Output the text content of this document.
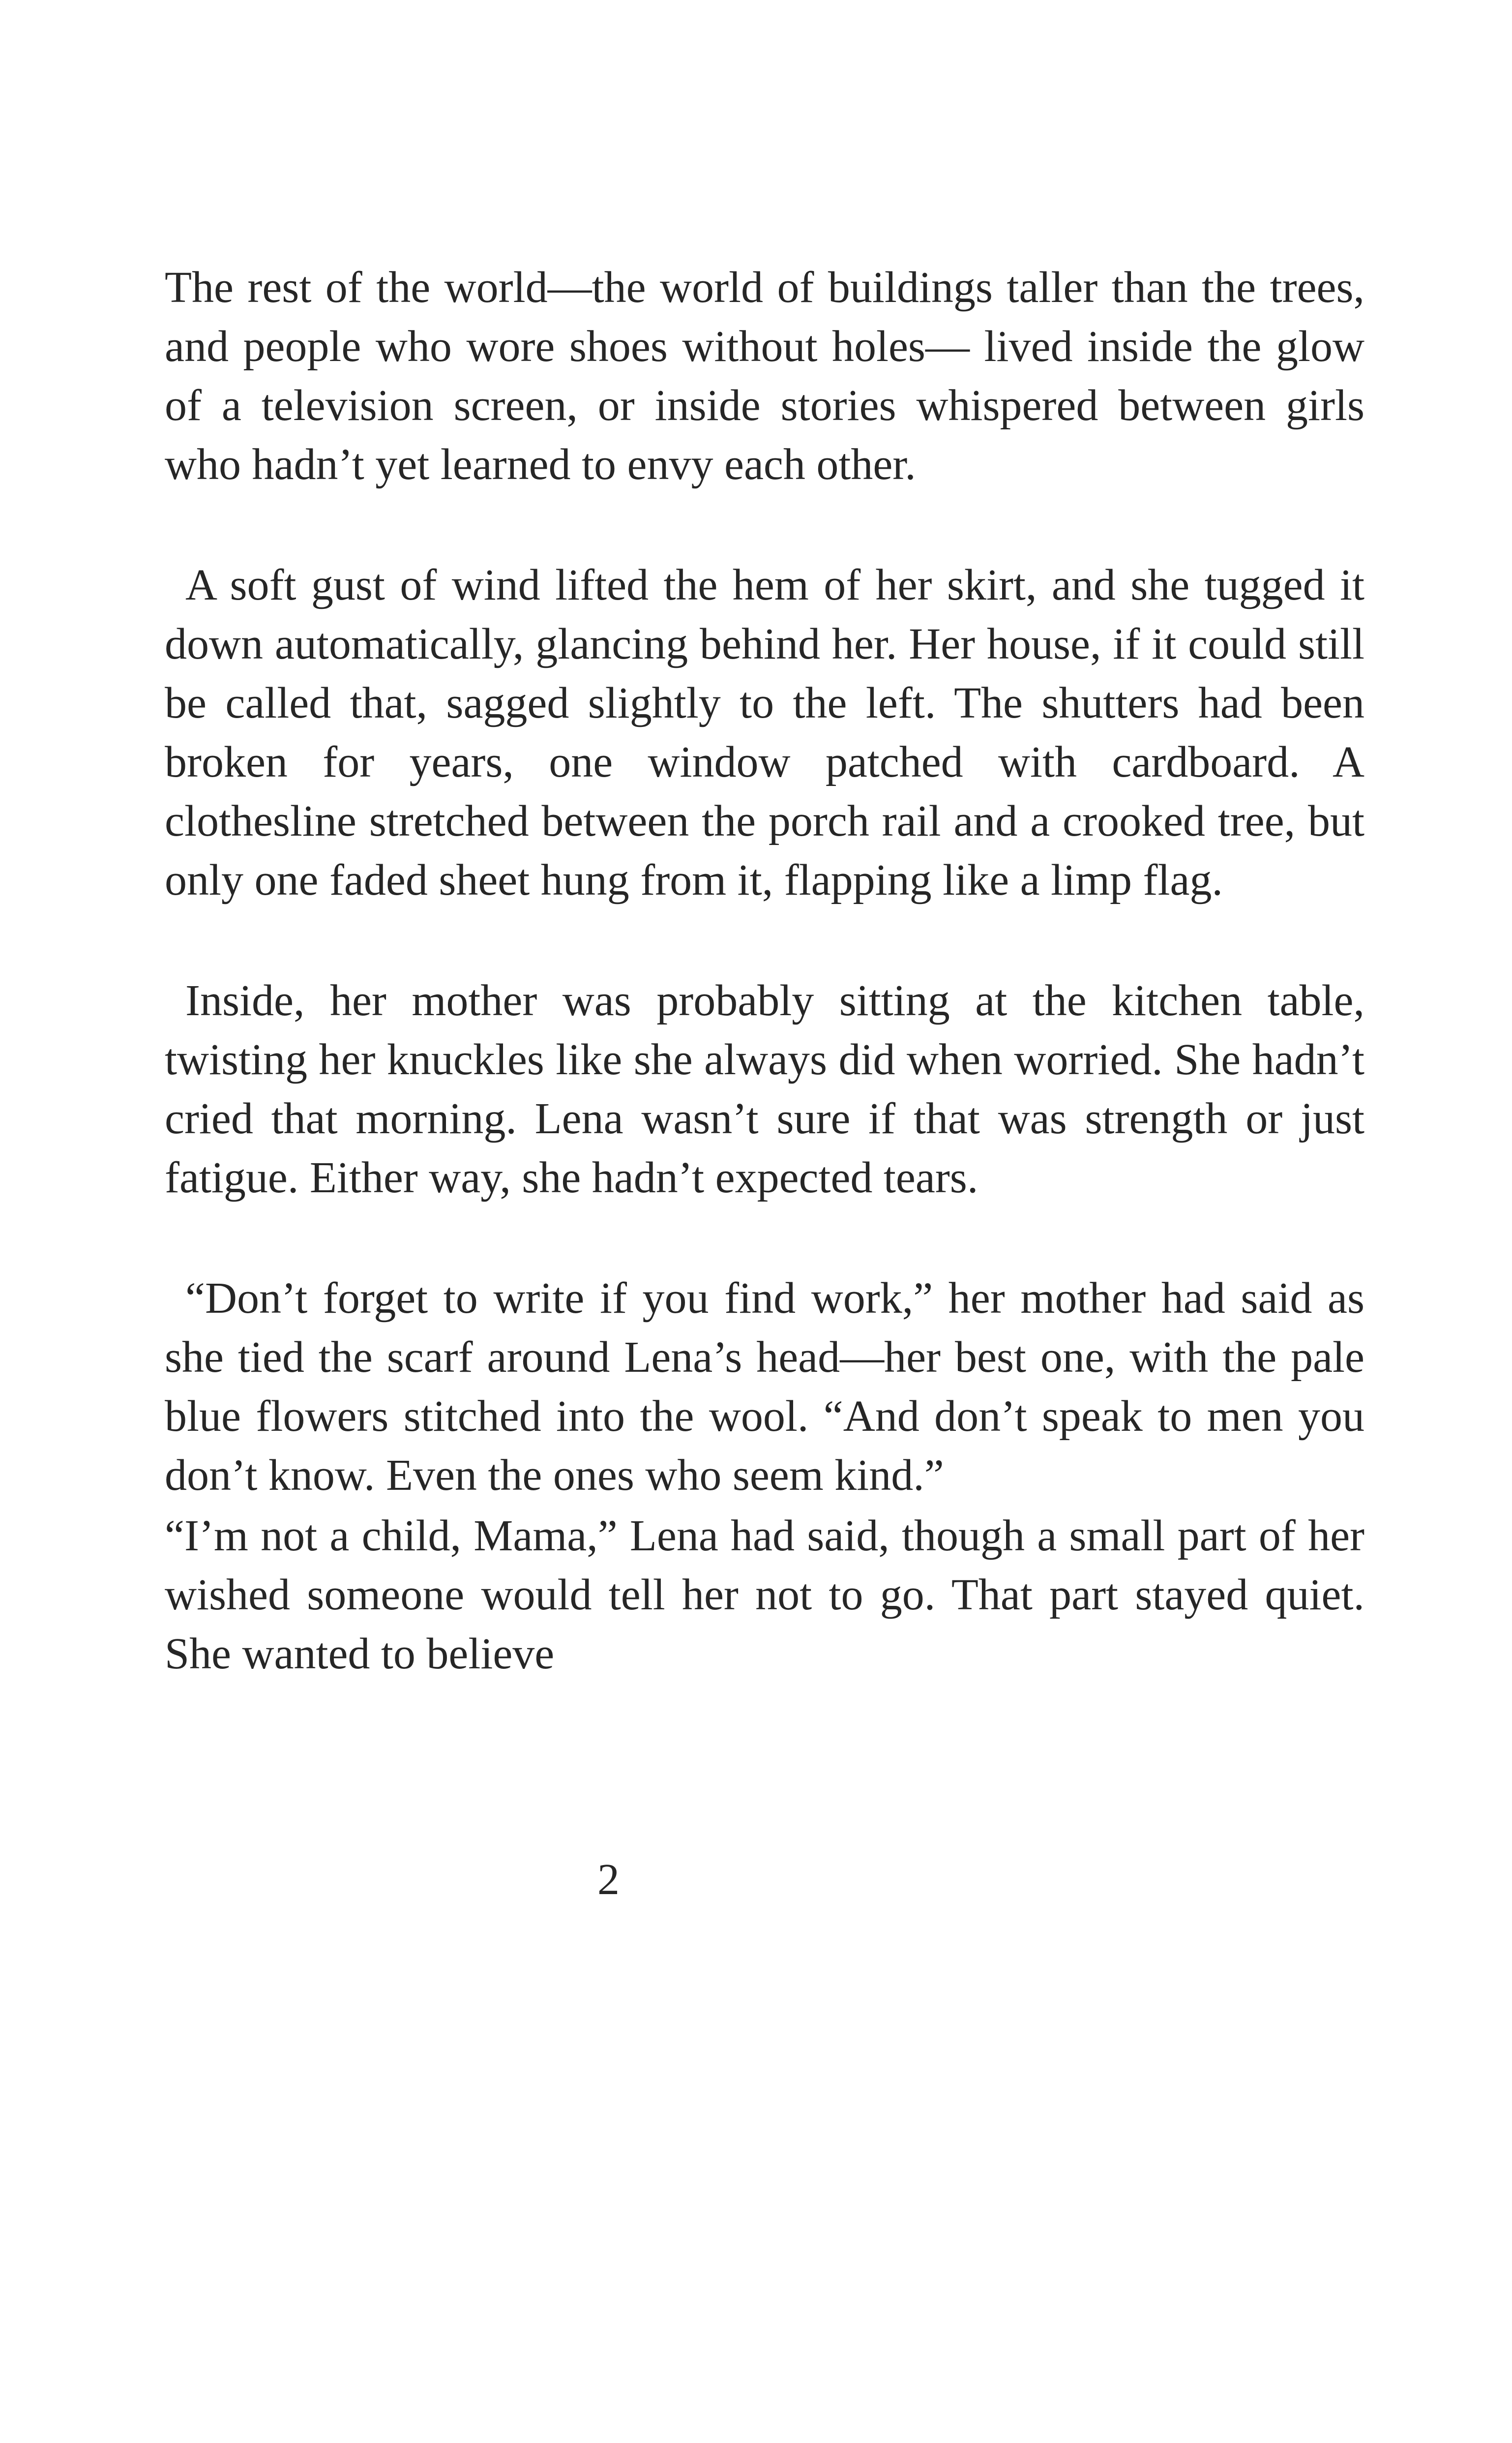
The rest of the world—the world of buildings taller than the trees, and people who wore shoes without holes— lived inside the glow of a television screen, or inside stories whispered between girls who hadn’t yet learned to envy each other.

A soft gust of wind lifted the hem of her skirt, and she tugged it down automatically, glancing behind her. Her house, if it could still be called that, sagged slightly to the left. The shutters had been broken for years, one window patched with cardboard. A clothesline stretched between the porch rail and a crooked tree, but only one faded sheet hung from it, flapping like a limp flag.

Inside, her mother was probably sitting at the kitchen table, twisting her knuckles like she always did when worried. She hadn’t cried that morning. Lena wasn’t sure if that was strength or just fatigue. Either way, she hadn’t expected tears.

“Don’t forget to write if you find work,” her mother had said as she tied the scarf around Lena’s head—her best one, with the pale blue flowers stitched into the wool. “And don’t speak to men you don’t know. Even the ones who seem kind.”

“I’m not a child, Mama,” Lena had said, though a small part of her wished someone would tell her not to go. That part stayed quiet. She wanted to believe

2
